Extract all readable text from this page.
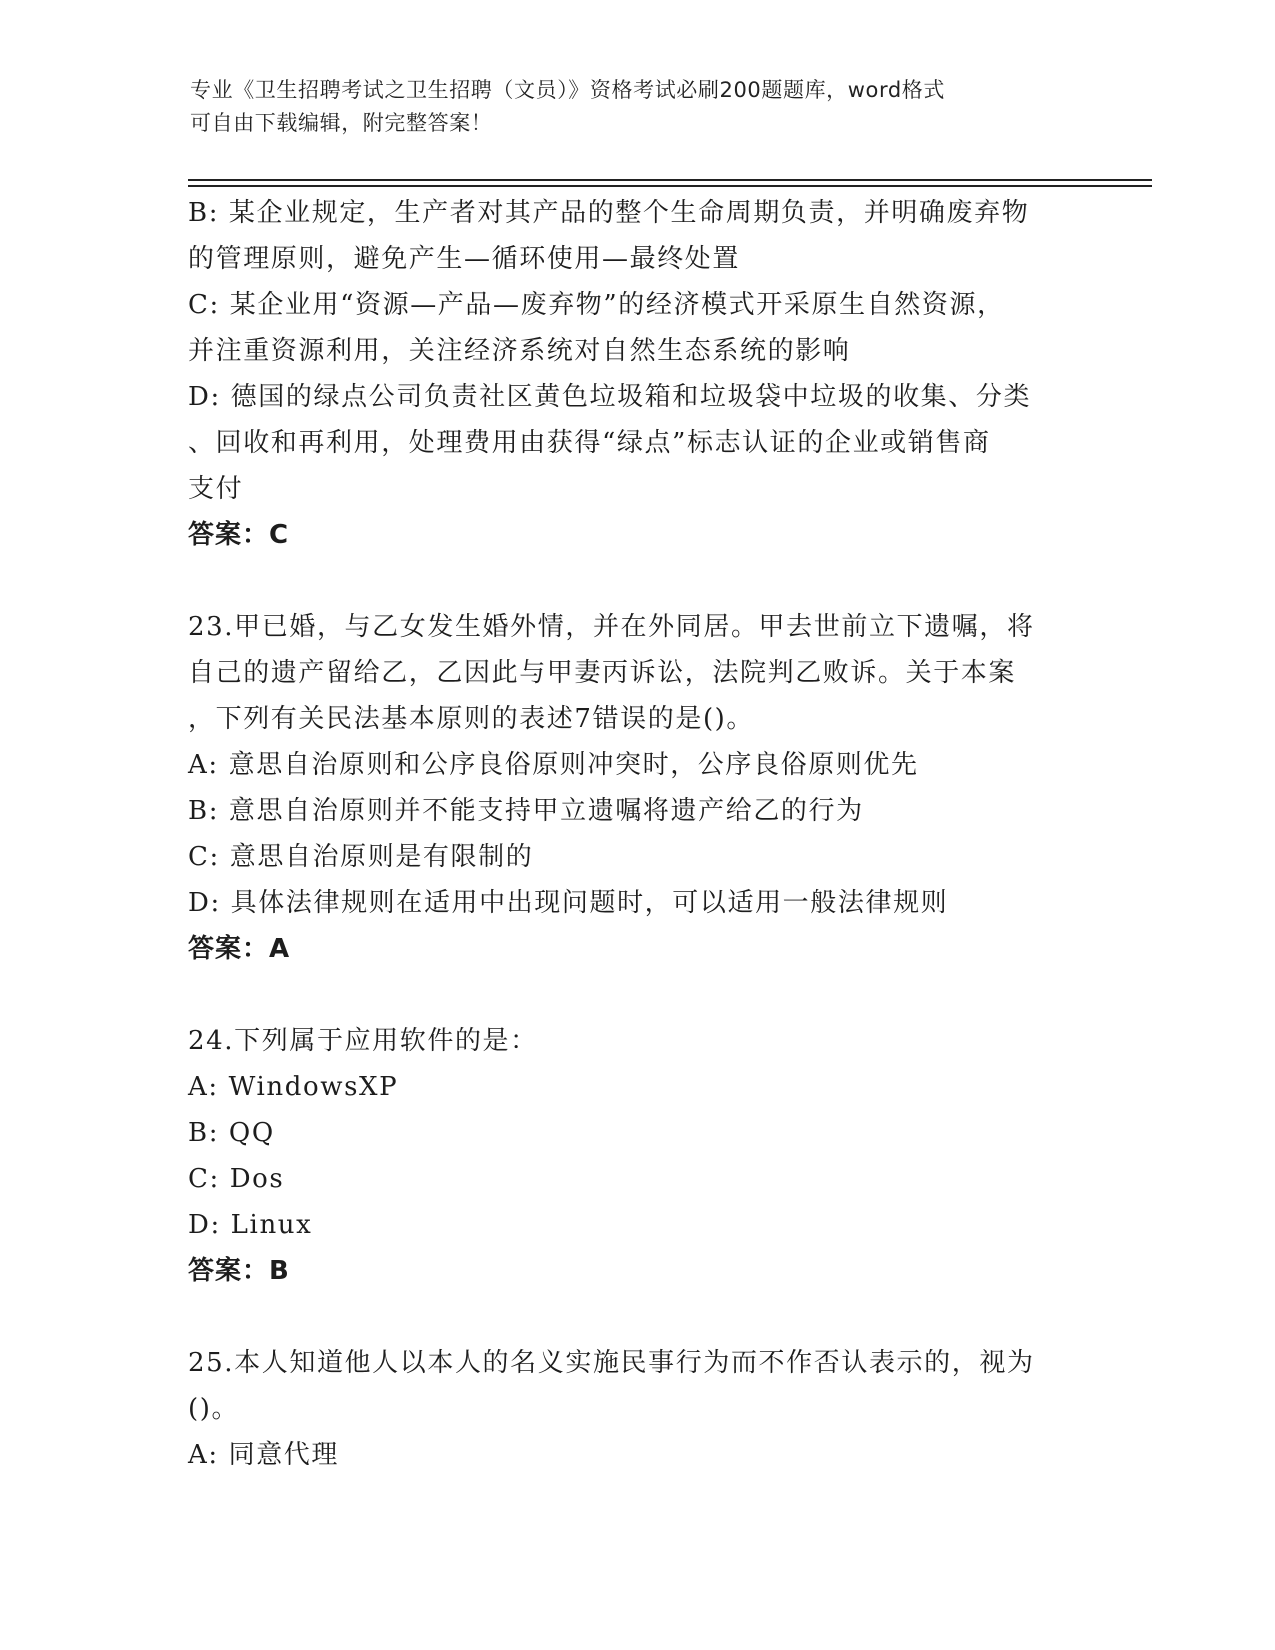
专业《卫生招聘考试之卫生招聘（文员）》资格考试必刷200题题库，word格式
可自由下载编辑，附完整答案！
B: 某企业规定，生产者对其产品的整个生命周期负责，并明确废弃物
的管理原则，避免产生—循环使用—最终处置
C: 某企业用“资源—产品—废弃物”的经济模式开采原生自然资源，
并注重资源利用，关注经济系统对自然生态系统的影响
D: 德国的绿点公司负责社区黄色垃圾箱和垃圾袋中垃圾的收集、分类
、回收和再利用，处理费用由获得“绿点”标志认证的企业或销售商
支付
答案：C
23.甲已婚，与乙女发生婚外情，并在外同居。甲去世前立下遗嘱，将
自己的遗产留给乙，乙因此与甲妻丙诉讼，法院判乙败诉。关于本案
，下列有关民法基本原则的表述7错误的是()。
A: 意思自治原则和公序良俗原则冲突时，公序良俗原则优先
B: 意思自治原则并不能支持甲立遗嘱将遗产给乙的行为
C: 意思自治原则是有限制的
D: 具体法律规则在适用中出现问题时，可以适用一般法律规则
答案：A
24.下列属于应用软件的是：
A: WindowsXP
B: QQ
C: Dos
D: Linux
答案：B
25.本人知道他人以本人的名义实施民事行为而不作否认表示的，视为
()。
A: 同意代理
